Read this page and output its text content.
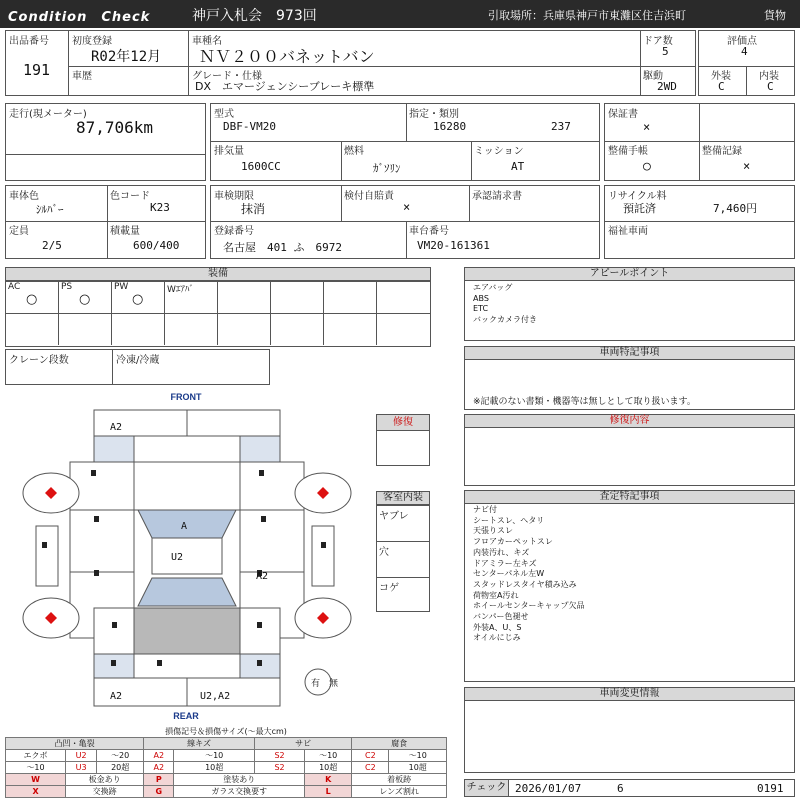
Condition　Check	神戸入札会　973回	引取場所：兵庫県神戸市東灘区住吉浜町	貨物
出品番号
191
初度登録
R02年12月
車歴
車種名
ＮＶ２００バネットバン
グレード・仕様
DX　エマージェンシーブレーキ標準
ドア数
5
駆動
2WD
評価点
4
外装
C
内装
C
走行(現メーター)
87,706km
型式
DBF-VM20
指定・類別
16280	237
排気量
1600CC
燃料
ｶﾞｿﾘﾝ
ミッション
AT
保証書
×
整備手帳
○
整備記録
×
車体色
ｼﾙﾊﾞｰ
色コード
K23
定員
2/5
積載量
600/400
車検期限
抹消
検付自賠責
×
承認請求書
登録番号
名古屋　401 ふ　6972
車台番号
VM20-161361
リサイクル料
預託済	7,460円
福祉車両
装備
AC
○
PS
○
PW
○
Wｴｱﾊﾞ
クレーン段数	冷凍/冷蔵
アピールポイント
エアバッグ
ABS
ETC
バックカメラ付き
車両特記事項
※記載のない書類・機器等は無しとして取り扱います。
修復内容
査定特記事項
ナビ付
シートスレ、ヘタリ
天張りスレ
フロアカーペットスレ
内装汚れ、キズ
ドアミラー左キズ
センターパネル左W
スタッドレスタイヤ積み込み
荷物室A汚れ
ホイールセンターキャップ欠品
バンパー色褪せ
外装A、U、S
オイルにじみ
車両変更情報
修復
客室内装
ヤブレ
穴
コゲ
FRONT
REAR
A2
A
U2
A2
A2	U2,A2
有 無
損傷記号＆損傷サイズ(〜最大cm)
凸凹・亀裂			線キズ		サビ		腐食	
エクボ	U2	〜20	A2	〜10	S2	〜10	C2	〜10
〜10	U3	20超	A2	10超	S2	10超	C2	10超
W	板金あり		P	塗装あり		K	着板跡	
X	交換跡		G	ガラス交換要す		L	レンズ割れ		チェック 2026/01/07	6	0191
